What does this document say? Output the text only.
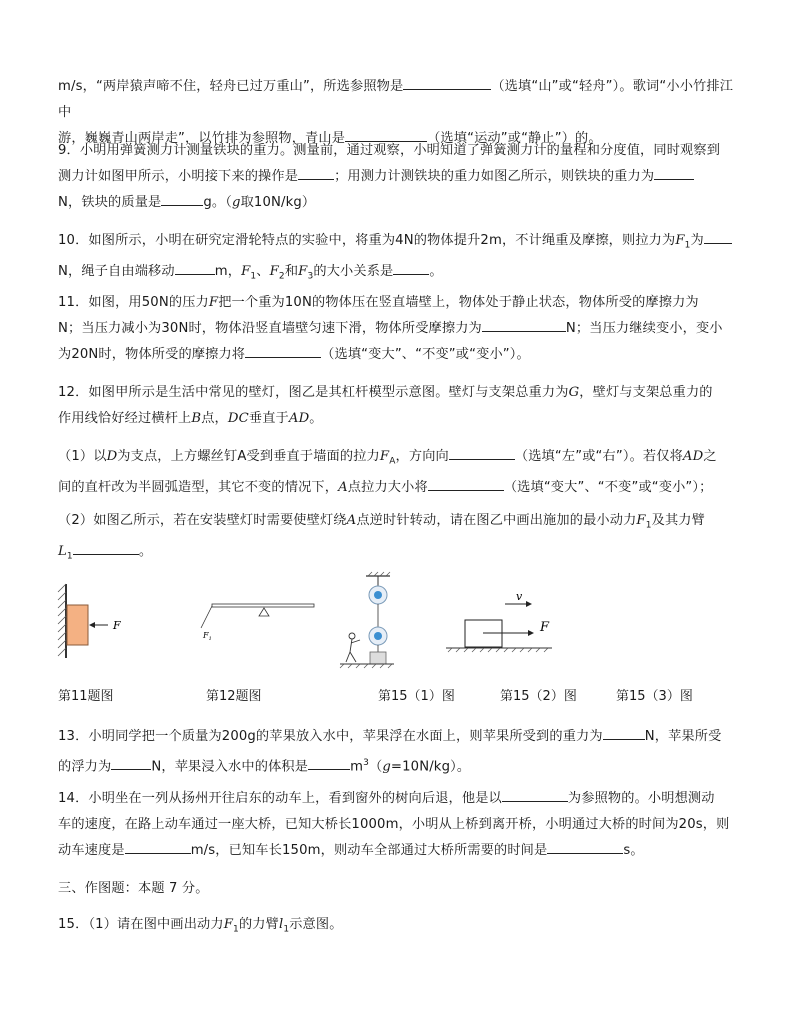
m/s，“两岸猿声啼不住，轻舟已过万重山”，所选参照物是	（选填“山”或“轻舟”）。歌词“小小竹排江中
游，巍巍青山两岸走”，以竹排为参照物，青山是	（选填“运动”或“静止”）的。
9．小明用弹簧测力计测量铁块的重力。测量前，通过观察，小明知道了弹簧测力计的量程和分度值，同时观察到
测力计如图甲所示，小明接下来的操作是	；用测力计测铁块的重力如图乙所示，则铁块的重力为
N，铁块的质量是	g。（g取10N/kg）
10．如图所示，小明在研究定滑轮特点的实验中，将重为4N的物体提升2m，不计绳重及摩擦，则拉力为$F_1$为
N，绳子自由端移动	m，$F_1$、$F_2$和$F_3$的大小关系是	。
11．如图，用50N的压力F把一个重为10N的物体压在竖直墙壁上，物体处于静止状态，物体所受的摩擦力为
N；当压力减小为30N时，物体沿竖直墙壁匀速下滑，物体所受摩擦力为	N；当压力继续变小，变小
为20N时，物体所受的摩擦力将	（选填“变大”、“不变”或“变小”）。
12．如图甲所示是生活中常见的壁灯，图乙是其杠杆模型示意图。壁灯与支架总重力为G，壁灯与支架总重力的
作用线恰好经过横杆上B点，DC垂直于AD。
（1）以D为支点，上方螺丝钉A受到垂直于墙面的拉力$F_A$，方向向	（选填“左”或“右”）。若仅将AD之
间的直杆改为半圆弧造型，其它不变的情况下，A点拉力大小将	（选填“变大”、“不变”或“变小”）；
（2）如图乙所示，若在安装壁灯时需要使壁灯绕A点逆时针转动，请在图乙中画出施加的最小动力$F_1$及其力臂
$L_1$	。
F
$F_1$
v
F
第11题图	第12题图	第15（1）图	第15（2）图	第15（3）图
13．小明同学把一个质量为200g的苹果放入水中，苹果浮在水面上，则苹果所受到的重力为	N，苹果所受
的浮力为	N，苹果浸入水中的体积是	$m^3(g=10N/kg)$。
14．小明坐在一列从扬州开往启东的动车上，看到窗外的树向后退，他是以	为参照物的。小明想测动
车的速度，在路上动车通过一座大桥，已知大桥长1000m，小明从上桥到离开桥，小明通过大桥的时间为20s，则
动车速度是	m/s，已知车长150m，则动车全部通过大桥所需要的时间是	s。
三、作图题：本题 7 分。
15．（1）请在图中画出动力$F_1$的力臂$l_1$示意图。
